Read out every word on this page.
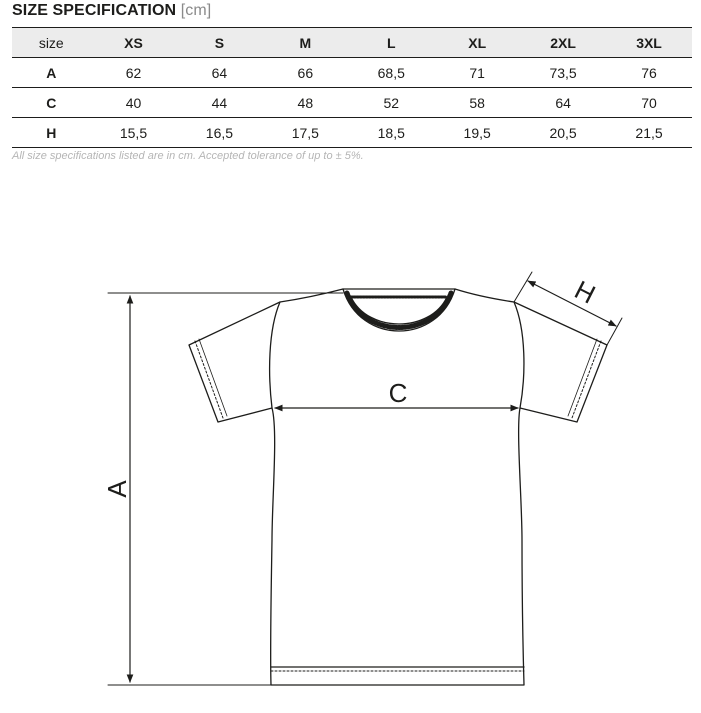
SIZE SPECIFICATION [cm]
size	XS	S	M	L	XL	2XL	3XL
A	62	64	66	68,5	71	73,5	76
C	40	44	48	52	58	64	70
H	15,5	16,5	17,5	18,5	19,5	20,5	21,5
All size specifications listed are in cm. Accepted tolerance of up to ± 5%.
A
C
H
